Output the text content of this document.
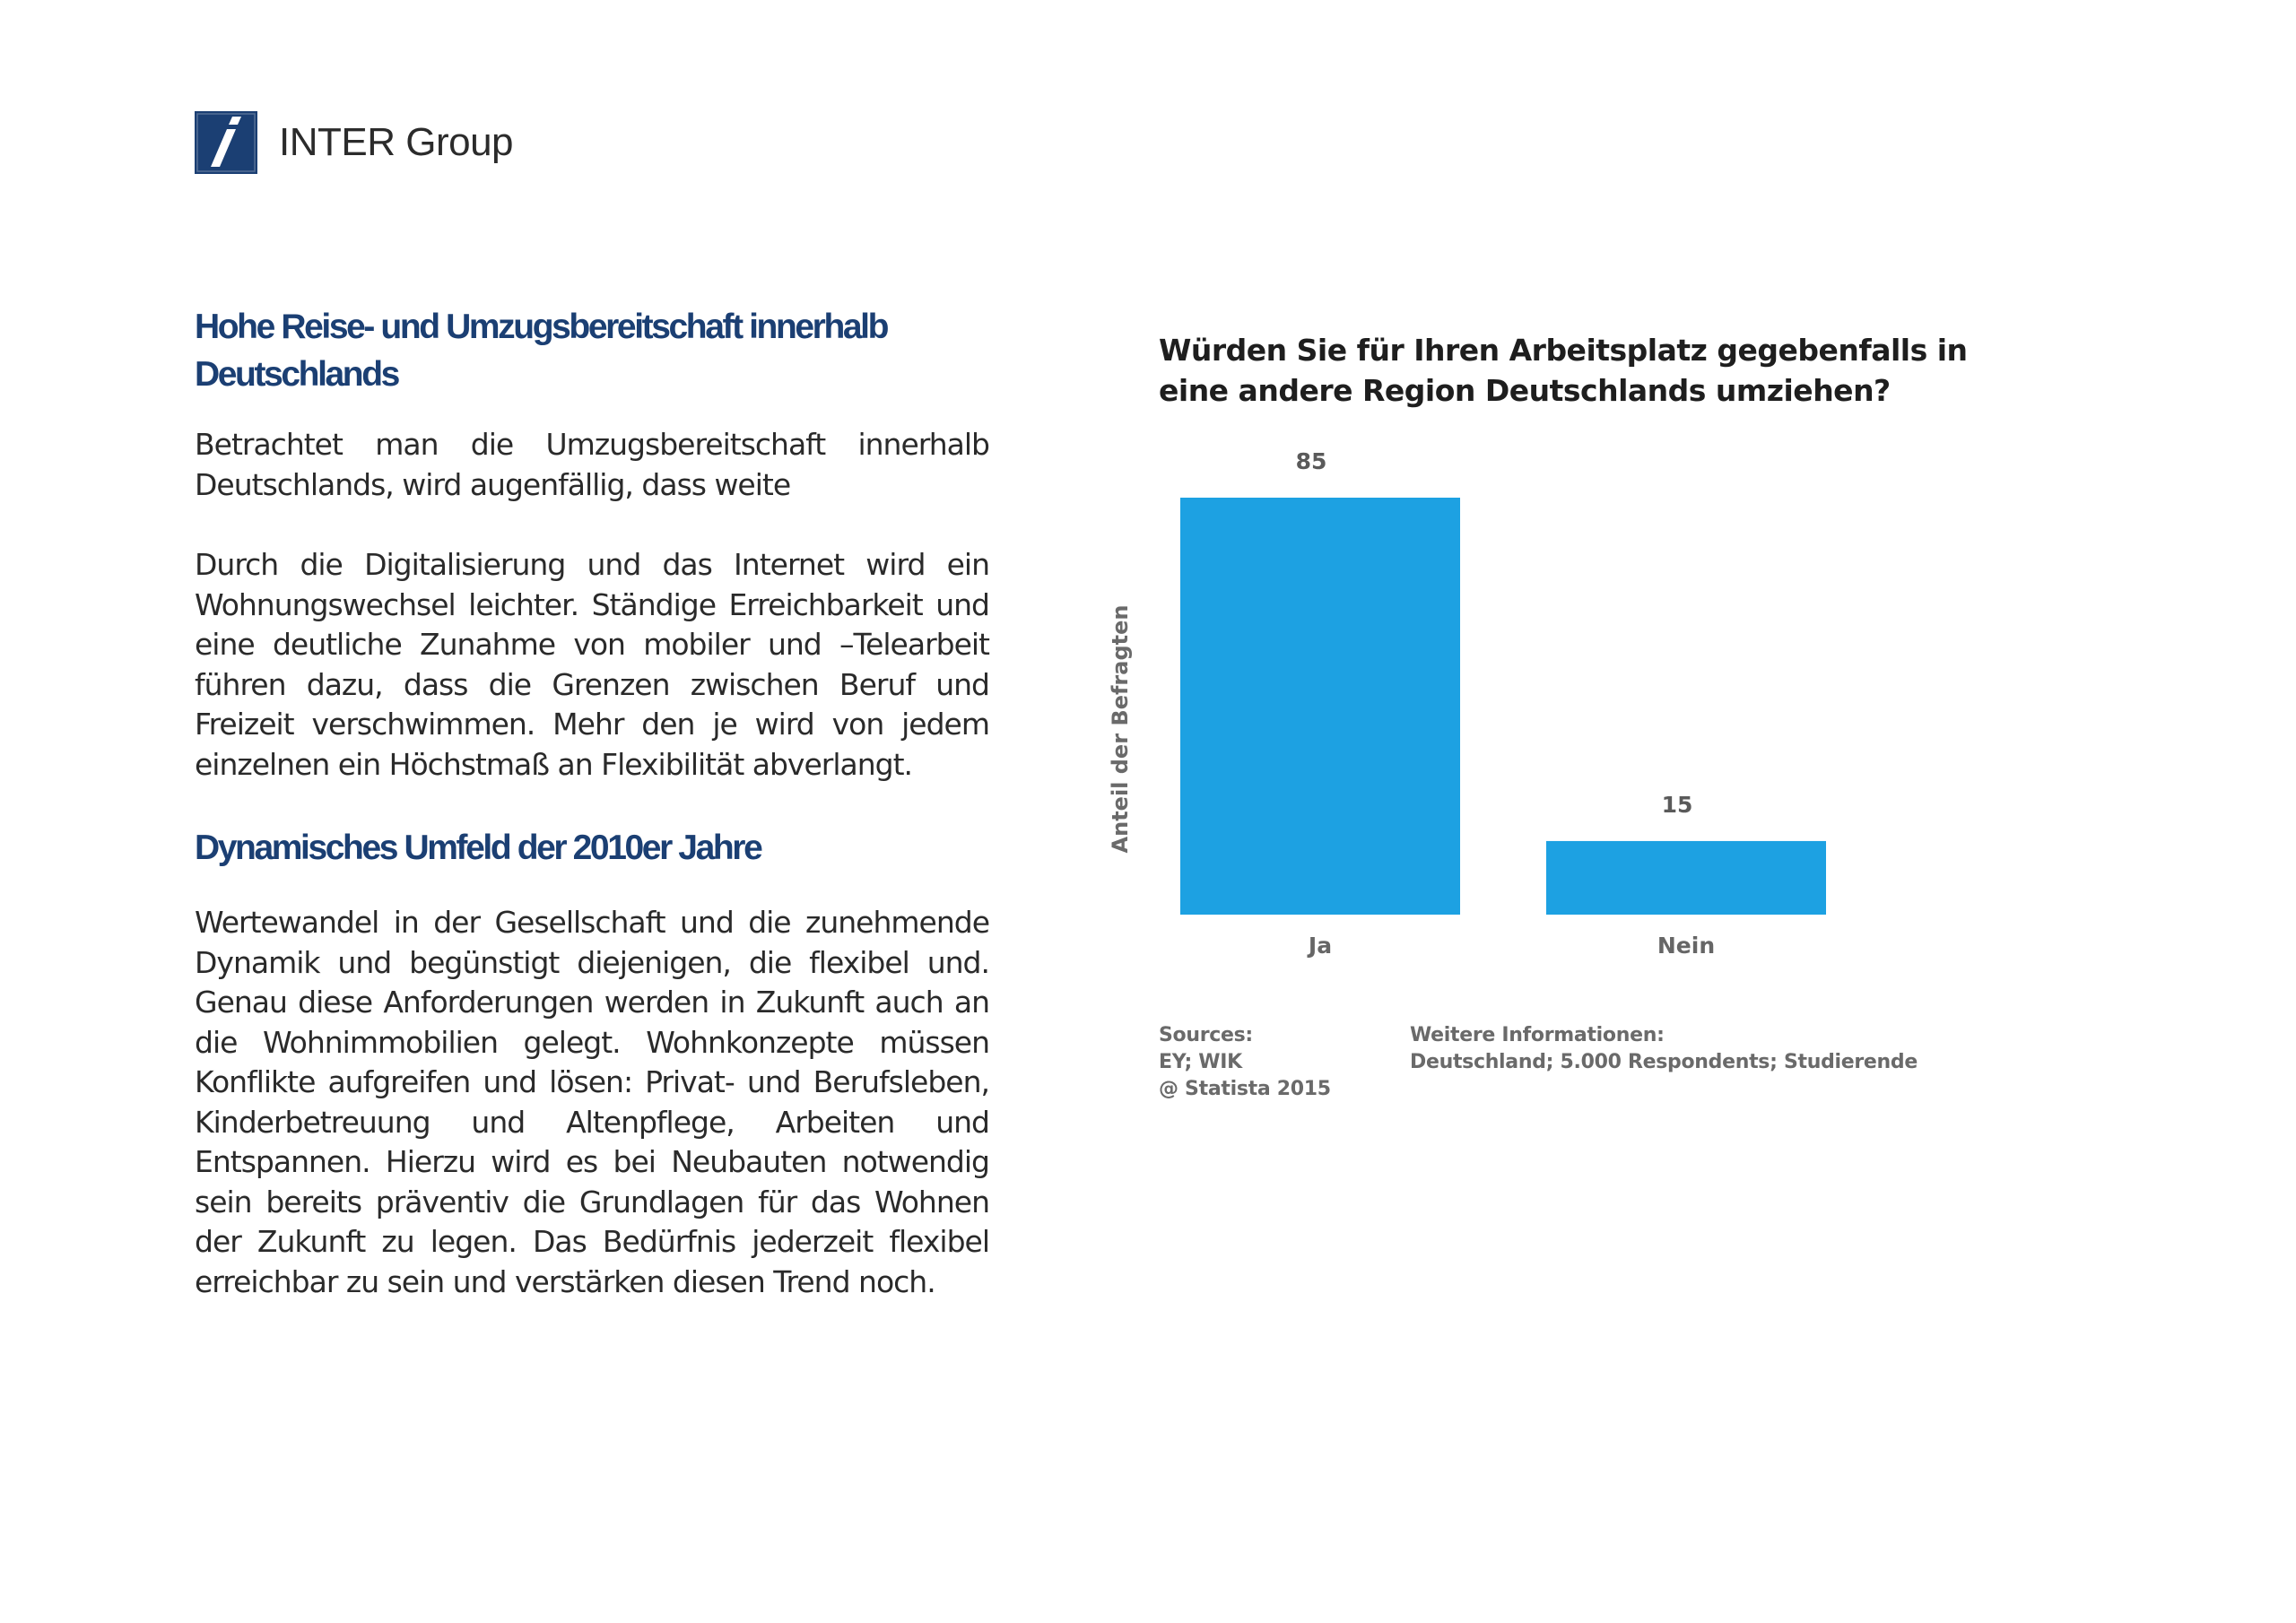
INTER Group
Hohe Reise- und Umzugsbereitschaft innerhalb Deutschlands

Betrachtet man die Umzugsbereitschaft innerhalb Deutschlands, wird augenfällig, dass weite

Durch die Digitalisierung und das Internet wird ein Wohnungswechsel leichter. Ständige Erreichbarkeit und eine deutliche Zunahme von mobiler und –Telearbeit führen dazu, dass die Grenzen zwischen Beruf und Freizeit verschwimmen. Mehr den je wird von jedem einzelnen ein Höchstmaß an Flexibilität abverlangt.

Dynamisches Umfeld der 2010er Jahre

Wertewandel in der Gesellschaft und die zunehmende Dynamik und begünstigt diejenigen, die flexibel und. Genau diese Anforderungen werden in Zukunft auch an die Wohnimmobilien gelegt. Wohnkonzepte müssen Konflikte aufgreifen und lösen: Privat- und Berufsleben, Kinderbetreuung und Altenpflege, Arbeiten und Entspannen. Hierzu wird es bei Neubauten notwendig sein bereits präventiv die Grundlagen für das Wohnen der Zukunft zu legen. Das Bedürfnis jederzeit flexibel erreichbar zu sein und verstärken diesen Trend noch.

Würden Sie für Ihren Arbeitsplatz gegebenfalls in eine andere Region Deutschlands umziehen?
Anteil der Befragten
85
Ja
15
Nein
Sources:
EY; WIK
@ Statista 2015
Weitere Informationen:
Deutschland; 5.000 Respondents; Studierende
